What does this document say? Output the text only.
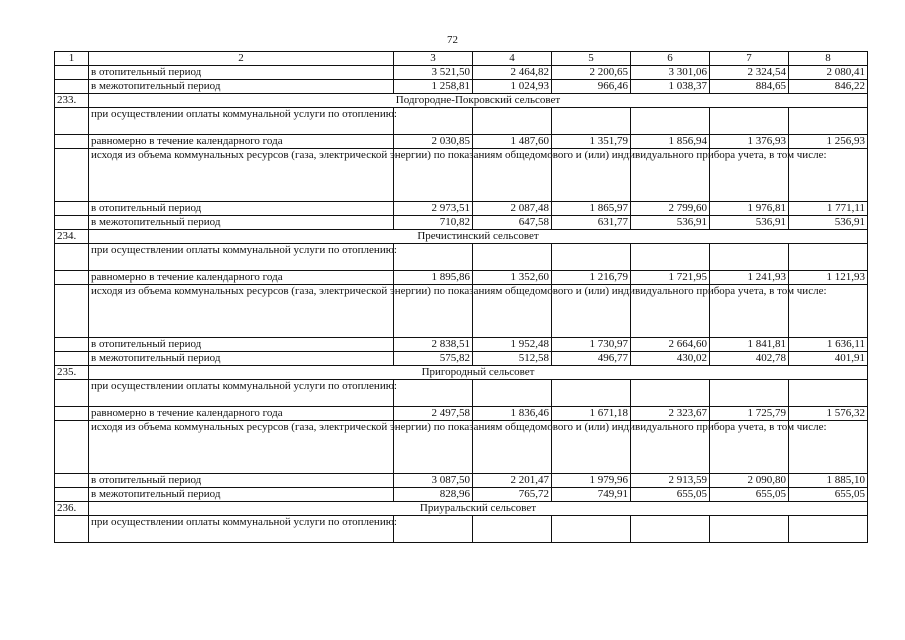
72
1	2	3	4	5	6	7	8
	в отопительный период	3 521,50	2 464,82	2 200,65	3 301,06	2 324,54	2 080,41
	в межотопительный период	1 258,81	1 024,93	966,46	1 038,37	884,65	846,22
233.	Подгородне-Покровский сельсовет						
	при осуществлении оплаты коммунальной услуги по отоплению:						
	равномерно в течение календарного года	2 030,85	1 487,60	1 351,79	1 856,94	1 376,93	1 256,93
	исходя из объема коммунальных ресурсов (газа, электрической энергии) по показаниям общедомового и (или) индивидуального прибора учета, в том числе:						
	в отопительный период	2 973,51	2 087,48	1 865,97	2 799,60	1 976,81	1 771,11
	в межотопительный период	710,82	647,58	631,77	536,91	536,91	536,91
234.	Пречистинский сельсовет						
	при осуществлении оплаты коммунальной услуги по отоплению:						
	равномерно в течение календарного года	1 895,86	1 352,60	1 216,79	1 721,95	1 241,93	1 121,93
	исходя из объема коммунальных ресурсов (газа, электрической энергии) по показаниям общедомового и (или) индивидуального прибора учета, в том числе:						
	в отопительный период	2 838,51	1 952,48	1 730,97	2 664,60	1 841,81	1 636,11
	в межотопительный период	575,82	512,58	496,77	430,02	402,78	401,91
235.	Пригородный сельсовет						
	при осуществлении оплаты коммунальной услуги по отоплению:						
	равномерно в течение календарного года	2 497,58	1 836,46	1 671,18	2 323,67	1 725,79	1 576,32
	исходя из объема коммунальных ресурсов (газа, электрической энергии) по показаниям общедомового и (или) индивидуального прибора учета, в том числе:						
	в отопительный период	3 087,50	2 201,47	1 979,96	2 913,59	2 090,80	1 885,10
	в межотопительный период	828,96	765,72	749,91	655,05	655,05	655,05
236.	Приуральский сельсовет						
	при осуществлении оплаты коммунальной услуги по отоплению:						
